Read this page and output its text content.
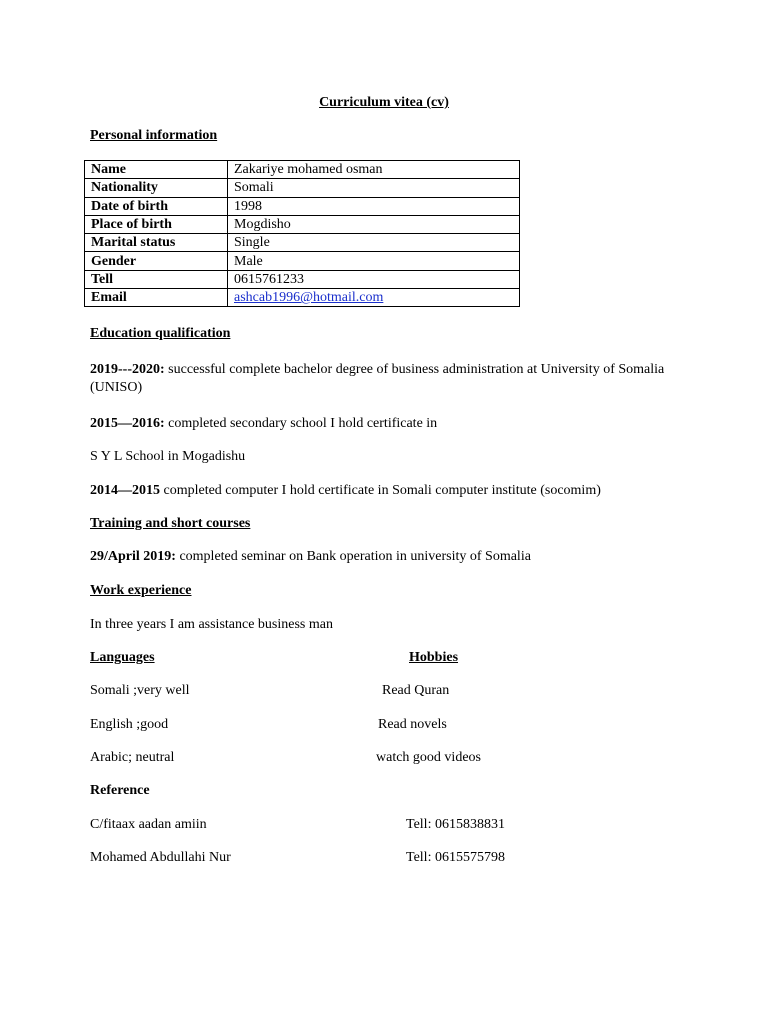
Curriculum vitea (cv)
Personal information
Name	Zakariye mohamed osman
Nationality	Somali
Date of birth	1998
Place of birth	Mogdisho
Marital status	Single
Gender	Male
Tell	0615761233
Email	ashcab1996@hotmail.com
Education qualification
2019---2020: successful complete bachelor degree of business administration at University of Somalia (UNISO)
2015—2016: completed secondary school I hold certificate in
S Y L School in Mogadishu
2014—2015 completed computer I hold certificate in Somali computer institute (socomim)
Training and short courses
29/April 2019: completed seminar on Bank operation in university of Somalia
Work experience
In three years I am assistance business man
Languages	Hobbies
Somali ;very well	Read Quran
English ;good	Read novels
Arabic; neutral	watch good videos
Reference
C/fitaax aadan amiin	Tell: 0615838831
Mohamed Abdullahi Nur	Tell: 0615575798
